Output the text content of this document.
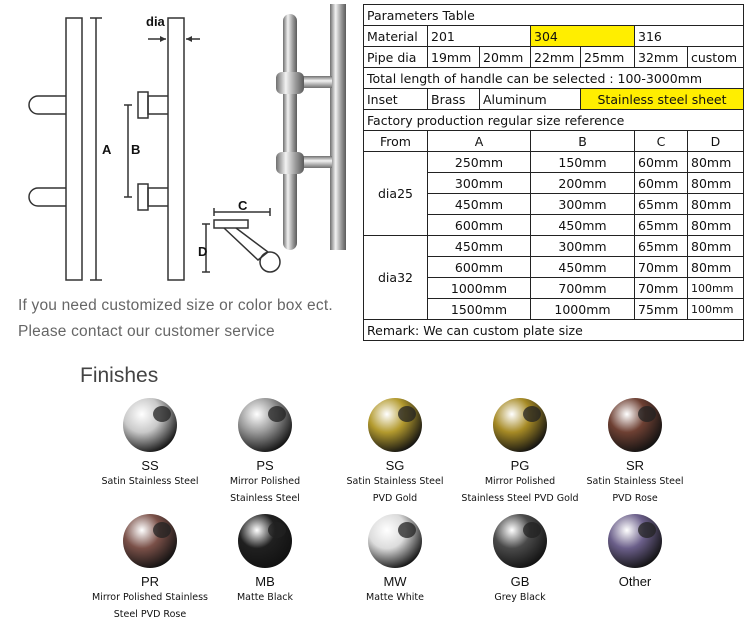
dia
A B
C
D
If you need customized size or color box ect.
Please contact our customer service
Parameters Table						
Material	201		304		316	
Pipe dia	19mm	20mm	22mm	25mm	32mm	custom
Total length of handle can be selected : 100-3000mm						
Inset	Brass	Aluminum		Stainless steel sheet		
Factory production regular size reference						
From	A		B		C	D
dia25	250mm		150mm		60mm	80mm
	300mm		200mm		60mm	80mm
	450mm		300mm		65mm	80mm
	600mm		450mm		65mm	80mm
dia32	450mm		300mm		65mm	80mm
	600mm		450mm		70mm	80mm
	1000mm		700mm		70mm	100mm
	1500mm		1000mm		75mm	100mm
Remark: We can custom plate size						
Finishes
SS
Satin Stainless Steel
PS
Mirror Polished
Stainless Steel
SG
Satin Stainless Steel
PVD Gold
PG
Mirror Polished
Stainless Steel PVD Gold
SR
Satin Stainless Steel
PVD Rose
PR
Mirror Polished Stainless
Steel PVD Rose
MB
Matte Black
MW
Matte White
GB
Grey Black
Other
